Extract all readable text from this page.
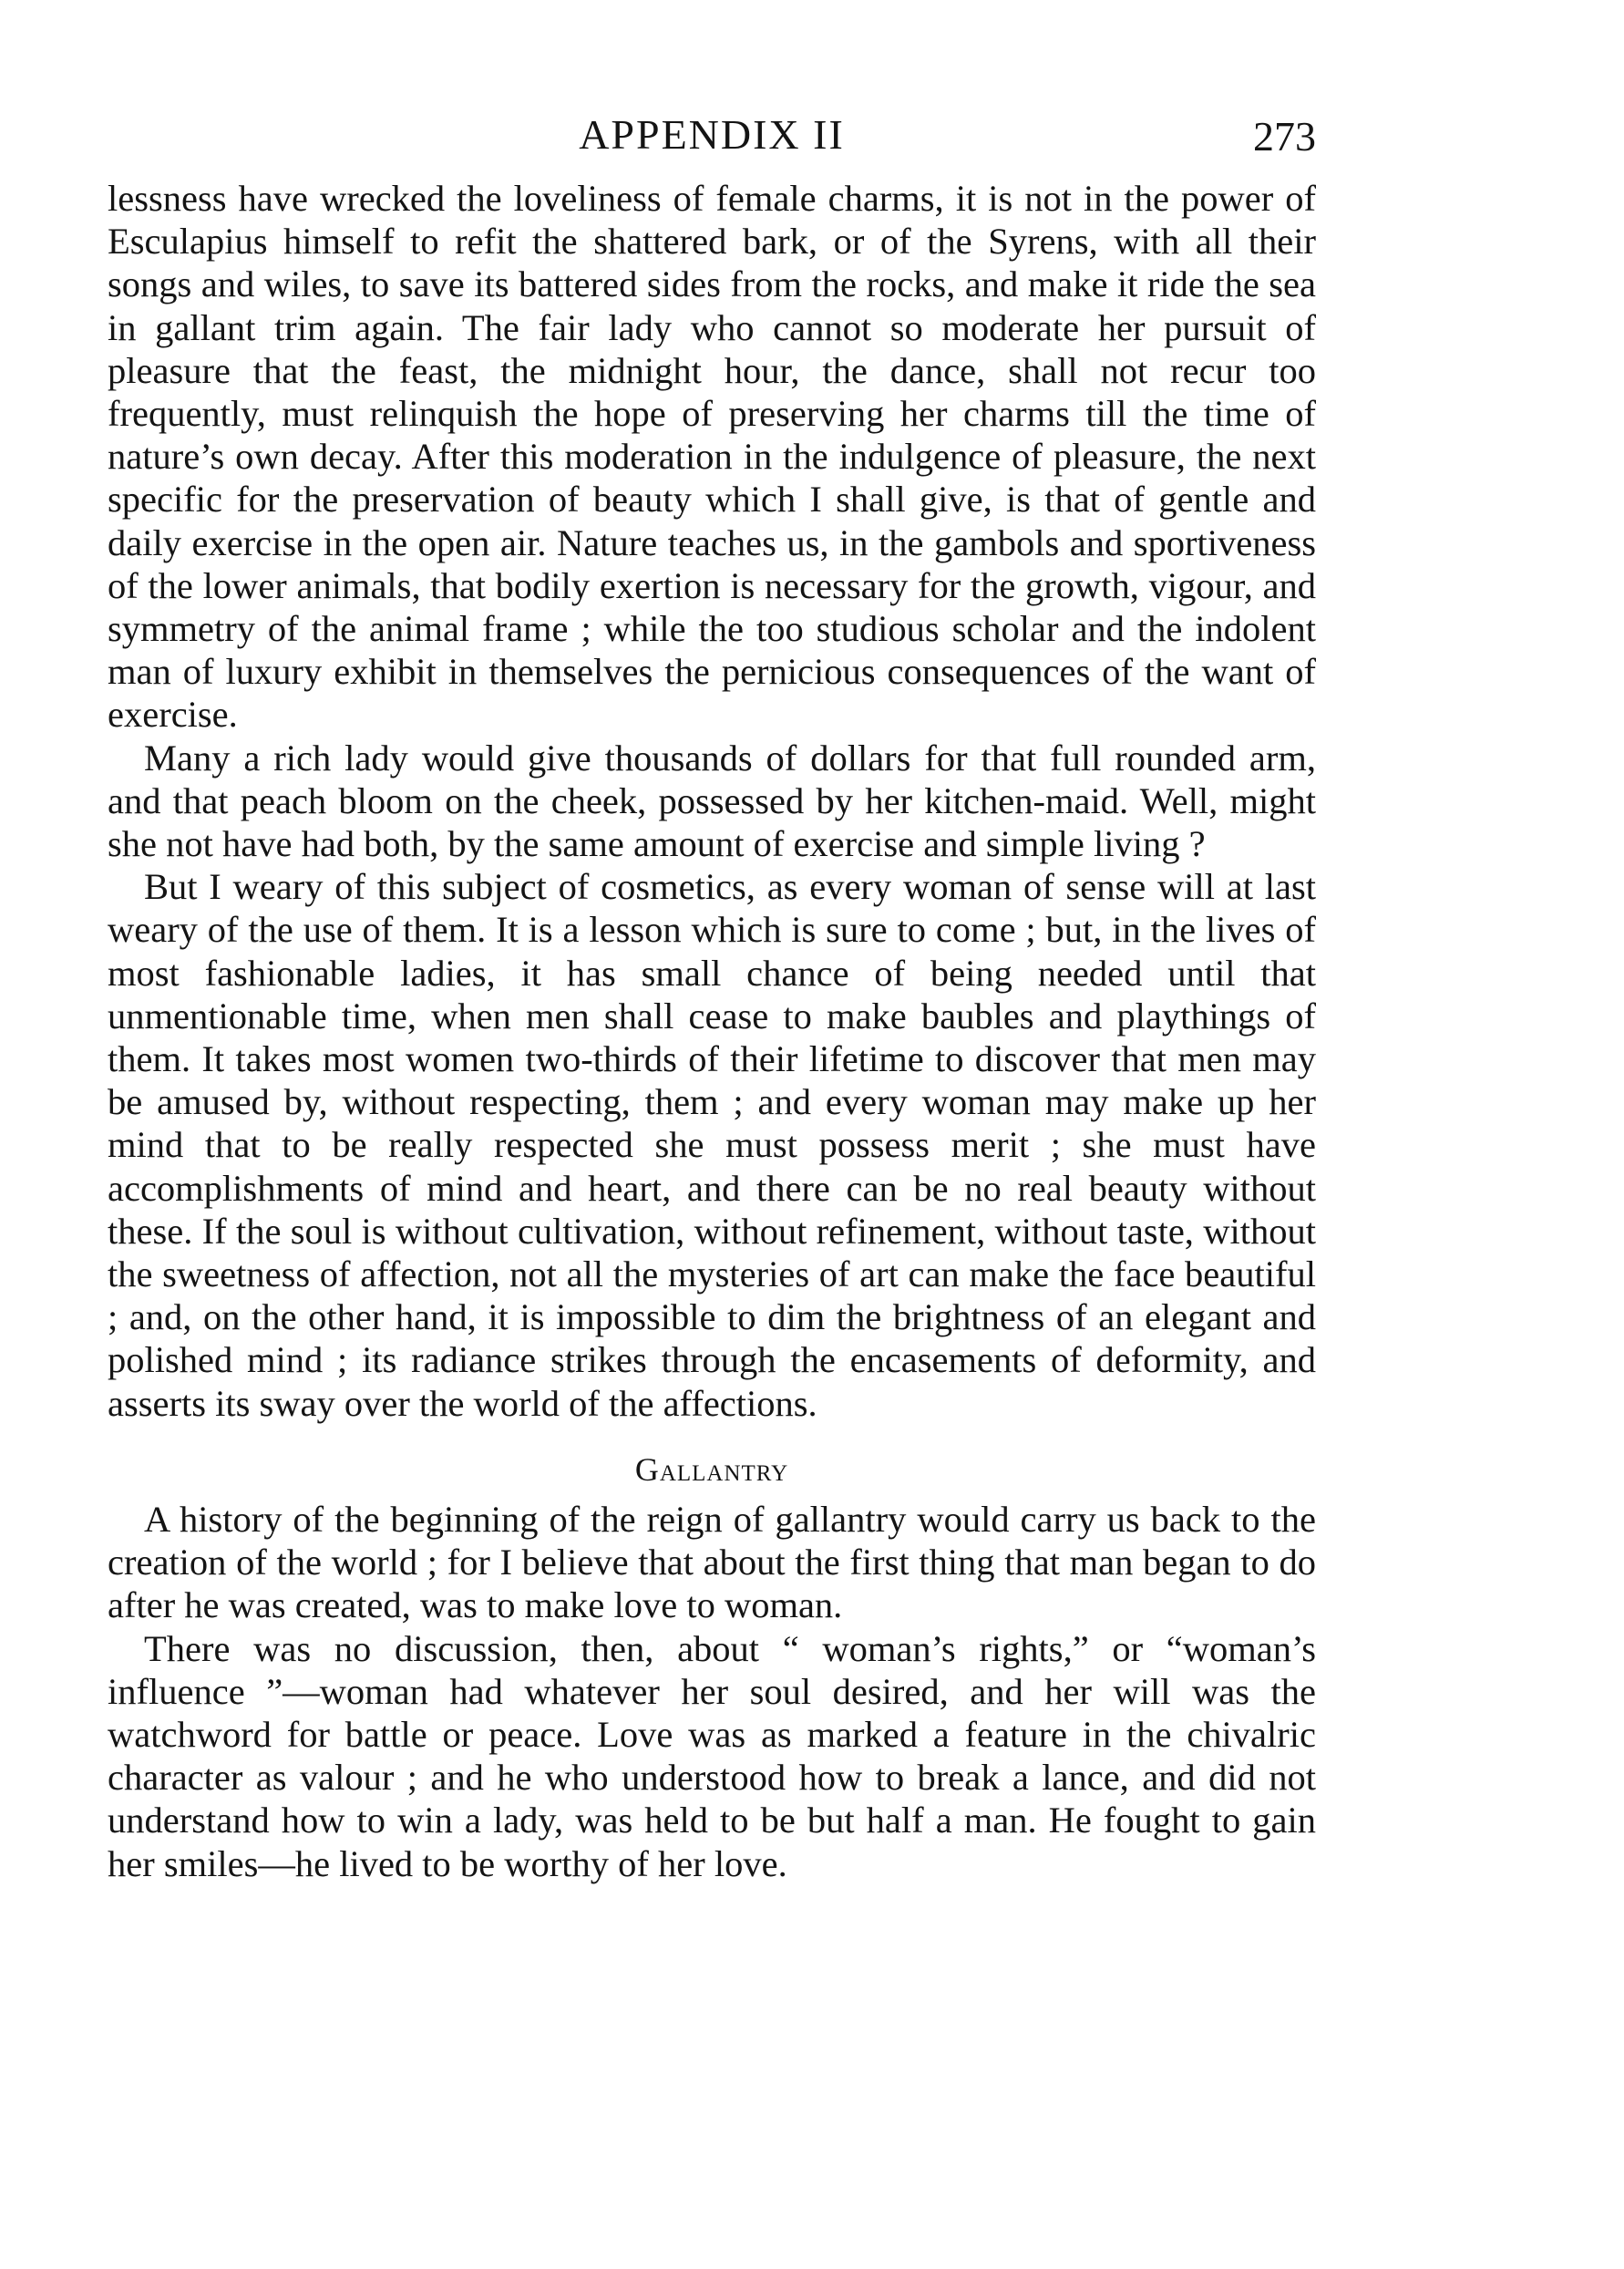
APPENDIX II	273

lessness have wrecked the loveliness of female charms, it is not in the power of Esculapius himself to refit the shattered bark, or of the Syrens, with all their songs and wiles, to save its battered sides from the rocks, and make it ride the sea in gallant trim again. The fair lady who cannot so moderate her pursuit of pleasure that the feast, the midnight hour, the dance, shall not recur too frequently, must relinquish the hope of preserving her charms till the time of nature’s own decay. After this moderation in the indulgence of pleasure, the next specific for the preservation of beauty which I shall give, is that of gentle and daily exercise in the open air. Nature teaches us, in the gambols and sportiveness of the lower animals, that bodily exertion is necessary for the growth, vigour, and symmetry of the animal frame ; while the too studious scholar and the indolent man of luxury exhibit in themselves the pernicious consequences of the want of exercise.

Many a rich lady would give thousands of dollars for that full rounded arm, and that peach bloom on the cheek, possessed by her kitchen-maid. Well, might she not have had both, by the same amount of exercise and simple living ?

But I weary of this subject of cosmetics, as every woman of sense will at last weary of the use of them. It is a lesson which is sure to come ; but, in the lives of most fashionable ladies, it has small chance of being needed until that unmentionable time, when men shall cease to make baubles and playthings of them. It takes most women two-thirds of their lifetime to discover that men may be amused by, without respecting, them ; and every woman may make up her mind that to be really respected she must possess merit ; she must have accomplishments of mind and heart, and there can be no real beauty without these. If the soul is without cultivation, without refinement, without taste, without the sweetness of affection, not all the mysteries of art can make the face beautiful ; and, on the other hand, it is impossible to dim the brightness of an elegant and polished mind ; its radiance strikes through the encasements of deformity, and asserts its sway over the world of the affections.

Gallantry

A history of the beginning of the reign of gallantry would carry us back to the creation of the world ; for I believe that about the first thing that man began to do after he was created, was to make love to woman.

There was no discussion, then, about “ woman’s rights,” or “woman’s influence ”—woman had whatever her soul desired, and her will was the watchword for battle or peace. Love was as marked a feature in the chivalric character as valour ; and he who understood how to break a lance, and did not understand how to win a lady, was held to be but half a man. He fought to gain her smiles—he lived to be worthy of her love.
